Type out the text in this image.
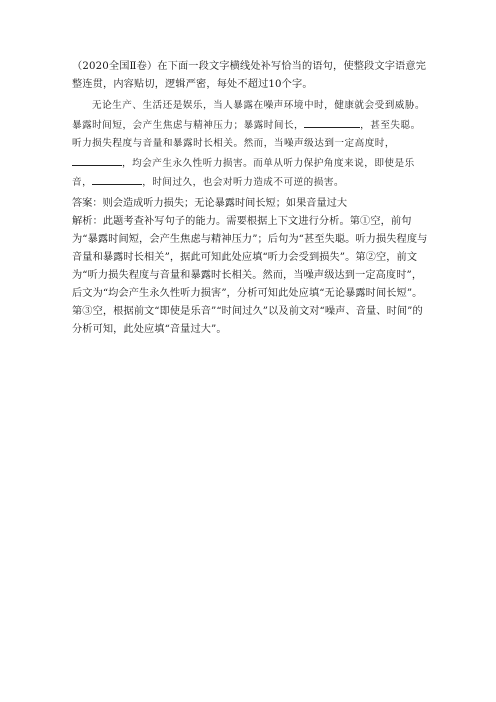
（2020全国Ⅱ卷）在下面一段文字横线处补写恰当的语句，使整段文字语意完整连贯，内容贴切，逻辑严密，每处不超过10个字。

无论生产、生活还是娱乐，当人暴露在噪声环境中时，健康就会受到威胁。暴露时间短，会产生焦虑与精神压力；暴露时间长，	，甚至失聪。听力损失程度与音量和暴露时长相关。然而，当噪声级达到一定高度时，，均会产生永久性听力损害。而单从听力保护角度来说，即使是乐音，	，时间过久，也会对听力造成不可逆的损害。

答案：则会造成听力损失；无论暴露时间长短；如果音量过大

解析：此题考查补写句子的能力。需要根据上下文进行分析。第①空，前句为“暴露时间短，会产生焦虑与精神压力”；后句为“甚至失聪。听力损失程度与音量和暴露时长相关”，据此可知此处应填“听力会受到损失”。第②空，前文为“听力损失程度与音量和暴露时长相关。然而，当噪声级达到一定高度时”，后文为“均会产生永久性听力损害”，分析可知此处应填“无论暴露时间长短”。第③空，根据前文“即使是乐音”“时间过久”以及前文对“噪声、音量、时间”的分析可知，此处应填“音量过大”。
